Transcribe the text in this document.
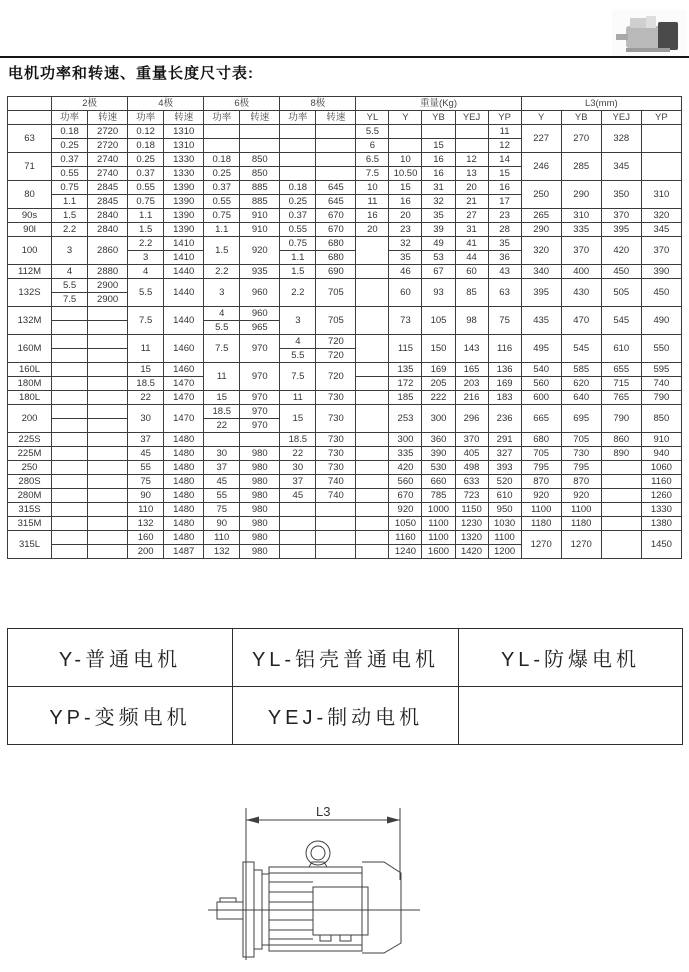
电机功率和转速、重量长度尺寸表:
	2极		4极		6极		8极		重量(Kg)					L3(mm)			
	功率	转速	功率	转速	功率	转速	功率	转速	YL	Y	YB	YEJ	YP	Y	YB	YEJ	YP
63	0.18	2720	0.12	1310					5.5				11	227	270	328	
	0.25	2720	0.18	1310					6		15		12				
71	0.37	2740	0.25	1330	0.18	850			6.5	10	16	12	14	246	285	345	
	0.55	2740	0.37	1330	0.25	850			7.5	10.50	16	13	15				
80	0.75	2845	0.55	1390	0.37	885	0.18	645	10	15	31	20	16	250	290	350	310
	1.1	2845	0.75	1390	0.55	885	0.25	645	11	16	32	21	17				
90s	1.5	2840	1.1	1390	0.75	910	0.37	670	16	20	35	27	23	265	310	370	320
90l	2.2	2840	1.5	1390	1.1	910	0.55	670	20	23	39	31	28	290	335	395	345
100	3	2860	2.2	1410	1.5	920	0.75	680		32	49	41	35	320	370	420	370
			3	1410			1.1	680		35	53	44	36				
112M	4	2880	4	1440	2.2	935	1.5	690		46	67	60	43	340	400	450	390
132S	5.5	2900	5.5	1440	3	960	2.2	705		60	93	85	63	395	430	505	450
	7.5	2900															
132M			7.5	1440	4	960	3	705		73	105	98	75	435	470	545	490
					5.5	965											
160M			11	1460	7.5	970	4	720		115	150	143	116	495	545	610	550
							5.5	720									
160L			15	1460	11	970	7.5	720		135	169	165	136	540	585	655	595
180M			18.5	1470						172	205	203	169	560	620	715	740
180L			22	1470	15	970	11	730		185	222	216	183	600	640	765	790
200			30	1470	18.5	970	15	730		253	300	296	236	665	695	790	850
					22	970											
225S			37	1480			18.5	730		300	360	370	291	680	705	860	910
225M			45	1480	30	980	22	730		335	390	405	327	705	730	890	940
250			55	1480	37	980	30	730		420	530	498	393	795	795		1060
280S			75	1480	45	980	37	740		560	660	633	520	870	870		1160
280M			90	1480	55	980	45	740		670	785	723	610	920	920		1260
315S			110	1480	75	980				920	1000	1150	950	1100	1100		1330
315M			132	1480	90	980				1050	1100	1230	1030	1180	1180		1380
315L			160	1480	110	980				1160	1100	1320	1100	1270	1270		1450
			200	1487	132	980				1240	1600	1420	1200				
Y-普通电机	YL-铝壳普通电机	YL-防爆电机
YP-变频电机	YEJ-制动电机	
L3
